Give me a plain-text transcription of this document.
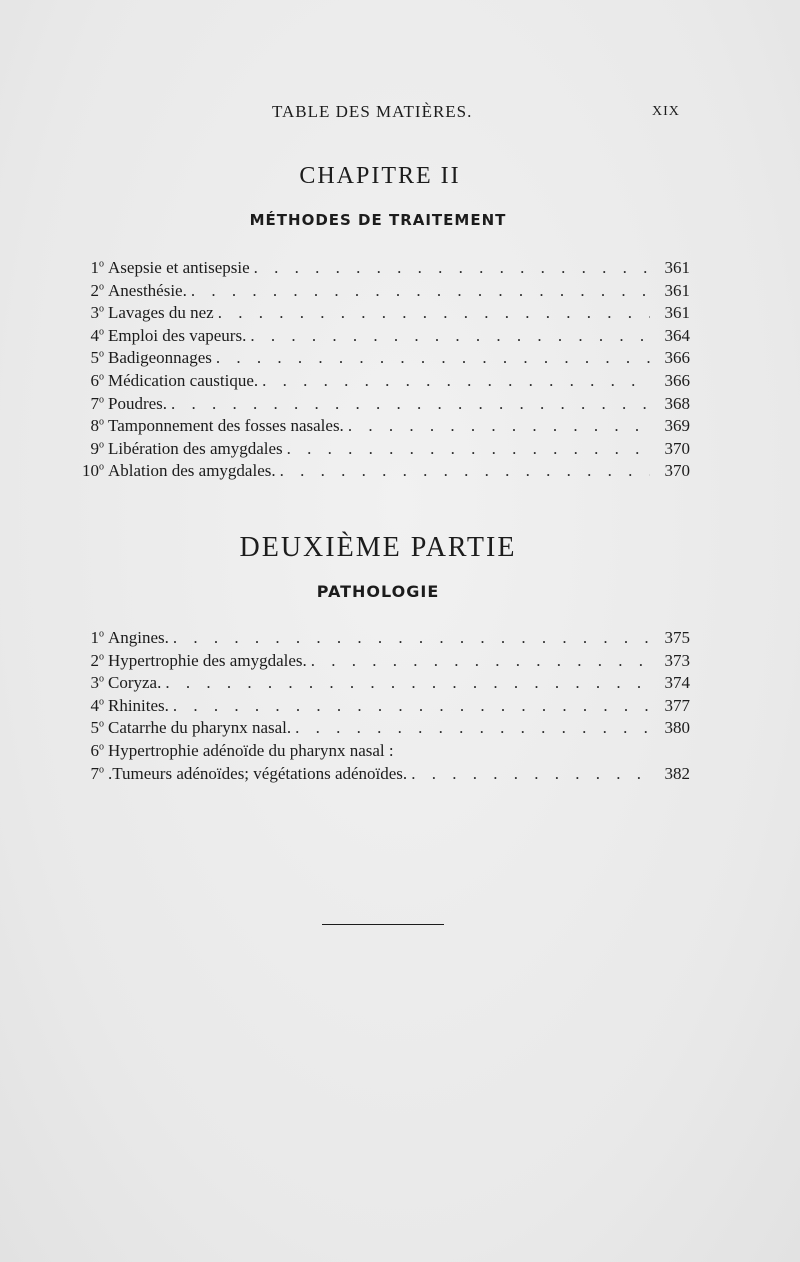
TABLE DES MATIÈRES.	XIX
CHAPITRE II
MÉTHODES DE TRAITEMENT
1$^o$ Asepsie et antisepsie . . .	361
2$^o$ Anesthésie. . . .	361
3$^o$ Lavages du nez . . .	361
4$^o$ Emploi des vapeurs. . . .	364
5$^o$ Badigeonnages . . .	366
6$^o$ Médication caustique. . . .	366
7$^o$ Poudres. . . .	368
8$^o$ Tamponnement des fosses nasales. . . .	369
9$^o$ Libération des amygdales . . .	370
10$^o$ Ablation des amygdales. . . .	370
DEUXIÈME PARTIE
PATHOLOGIE
1$^o$ Angines. . . .	375
2$^o$ Hypertrophie des amygdales. . . .	373
3$^o$ Coryza. . . .	374
4$^o$ Rhinites. . . .	377
5$^o$ Catarrhe du pharynx nasal. . . .	380
6$^o$ Hypertrophie adénoïde du pharynx nasal :
7$^o$ .Tumeurs adénoïdes; végétations adénoïdes. . . .	382
